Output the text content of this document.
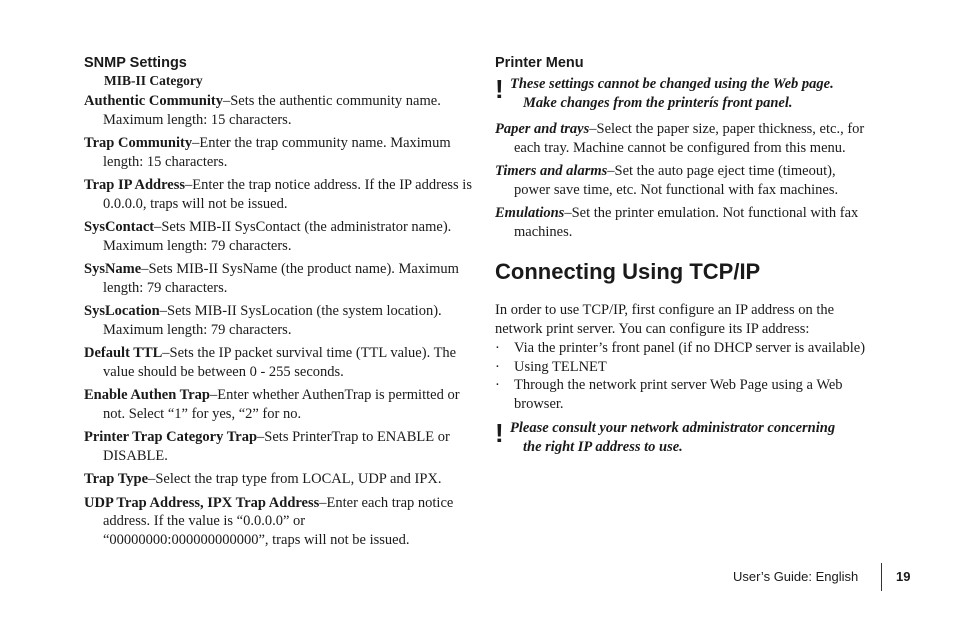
SNMP Settings
MIB-II Category
Authentic Community–Sets the authentic community name. Maximum length: 15 characters.
Trap Community–Enter the trap community name. Maximum length: 15 characters.
Trap IP Address–Enter the trap notice address. If the IP address is 0.0.0.0, traps will not be issued.
SysContact–Sets MIB-II SysContact (the administrator name). Maximum length: 79 characters.
SysName–Sets MIB-II SysName (the product name). Maximum length: 79 characters.
SysLocation–Sets MIB-II SysLocation (the system location). Maximum length: 79 characters.
Default TTL–Sets the IP packet survival time (TTL value). The value should be between 0 - 255 seconds.
Enable Authen Trap–Enter whether AuthenTrap is permitted or not. Select “1” for yes, “2” for no.
Printer Trap Category Trap–Sets PrinterTrap to ENABLE or DISABLE.
Trap Type–Select the trap type from LOCAL, UDP and IPX.
UDP Trap Address, IPX Trap Address–Enter each trap notice address. If the value is “0.0.0.0” or “00000000:000000000000”, traps will not be issued.
Printer Menu
! These settings cannot be changed using the Web page.
Make changes from the printerís front panel.
Paper and trays–Select the paper size, paper thickness, etc., for each tray. Machine cannot be configured from this menu.
Timers and alarms–Set the auto page eject time (timeout), power save time, etc. Not functional with fax machines.
Emulations–Set the printer emulation. Not functional with fax machines.
Connecting Using TCP/IP
In order to use TCP/IP, first configure an IP address on the network print server. You can configure its IP address:
· Via the printer’s front panel (if no DHCP server is available)
· Using TELNET
· Through the network print server Web Page using a Web browser.
! Please consult your network administrator concerning
the right IP address to use.
User’s Guide: English	19
